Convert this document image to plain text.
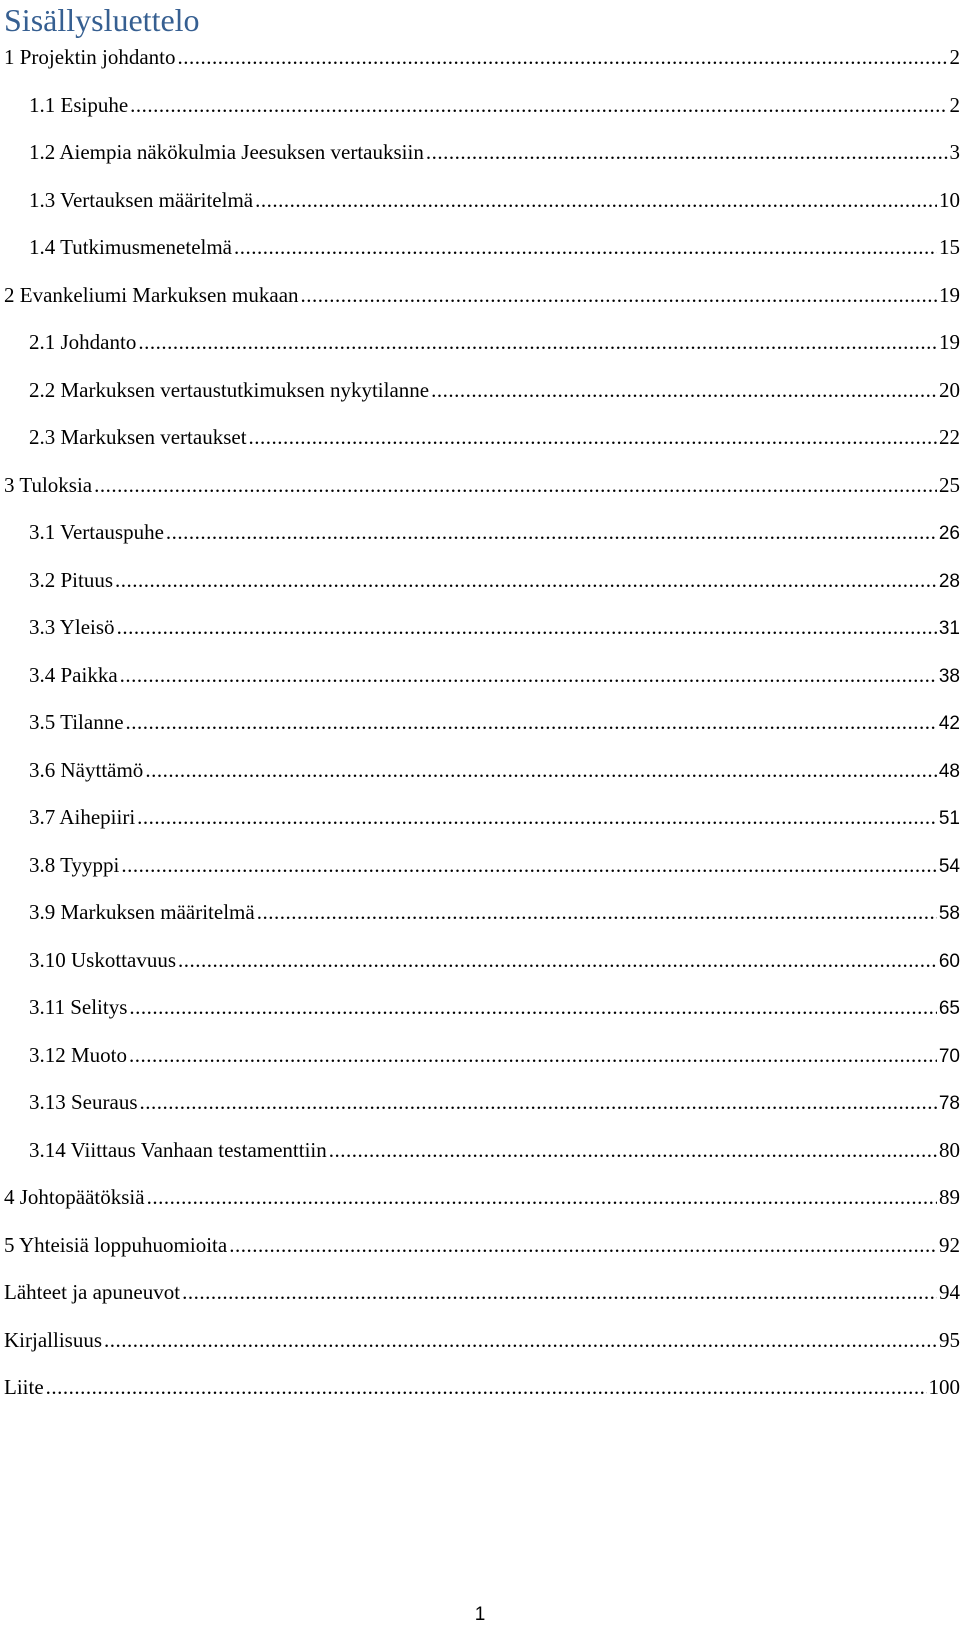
Sisällysluettelo
1 Projektin johdanto .....	2
1.1 Esipuhe .....	2
1.2 Aiempia näkökulmia Jeesuksen vertauksiin .....	3
1.3 Vertauksen määritelmä .....	10
1.4 Tutkimusmenetelmä .....	15
2 Evankeliumi Markuksen mukaan .....	19
2.1 Johdanto .....	19
2.2 Markuksen vertaustutkimuksen nykytilanne .....	20
2.3 Markuksen vertaukset .....	22
3 Tuloksia .....	25
3.1 Vertauspuhe .....	26
3.2 Pituus .....	28
3.3 Yleisö .....	31
3.4 Paikka .....	38
3.5 Tilanne .....	42
3.6 Näyttämö .....	48
3.7 Aihepiiri .....	51
3.8 Tyyppi .....	54
3.9 Markuksen määritelmä .....	58
3.10 Uskottavuus .....	60
3.11 Selitys .....	65
3.12 Muoto .....	70
3.13 Seuraus .....	78
3.14 Viittaus Vanhaan testamenttiin .....	80
4 Johtopäätöksiä .....	89
5 Yhteisiä loppuhuomioita .....	92
Lähteet ja apuneuvot .....	94
Kirjallisuus .....	95
Liite .....	100
1
